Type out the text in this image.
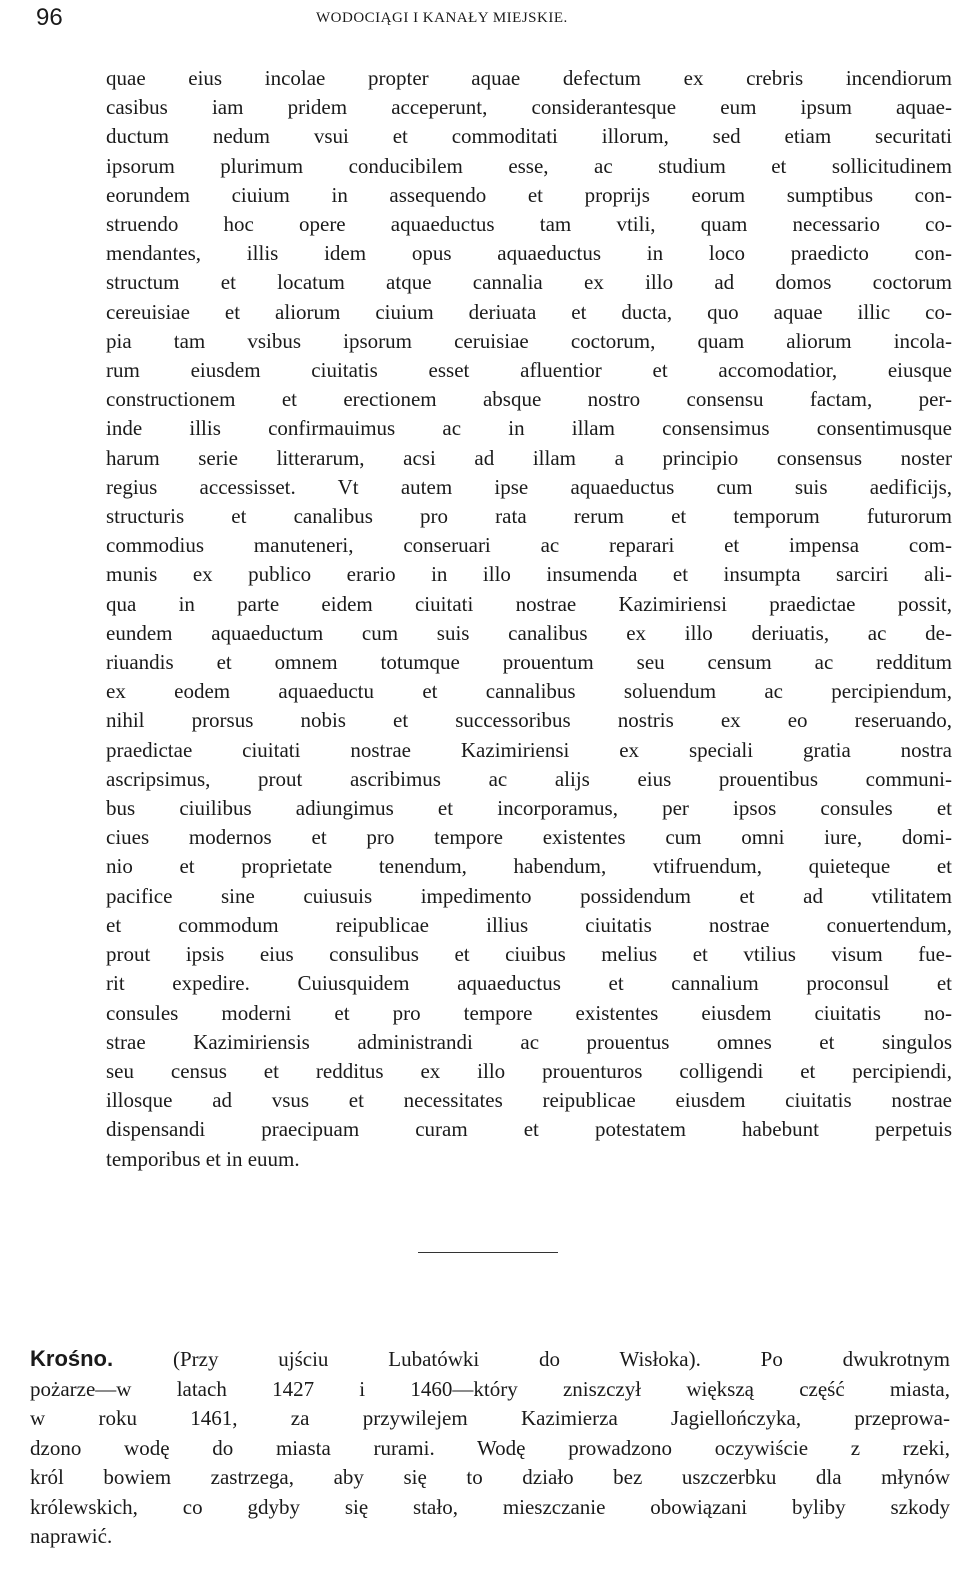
96	WODOCIĄGI I KANAŁY MIEJSKIE.
quae eius incolae propter aquae defectum ex crebris incendiorum
casibus iam pridem acceperunt, considerantesque eum ipsum aquae-
ductum nedum vsui et commoditati illorum, sed etiam securitati
ipsorum plurimum conducibilem esse, ac studium et sollicitudinem
eorundem ciuium in assequendo et proprijs eorum sumptibus con-
struendo hoc opere aquaeductus tam vtili, quam necessario co-
mendantes, illis idem opus aquaeductus in loco praedicto con-
structum et locatum atque cannalia ex illo ad domos coctorum
cereuisiae et aliorum ciuium deriuata et ducta, quo aquae illic co-
pia tam vsibus ipsorum ceruisiae coctorum, quam aliorum incola-
rum eiusdem ciuitatis esset afluentior et accomodatior, eiusque
constructionem et erectionem absque nostro consensu factam, per-
inde illis confirmauimus ac in illam consensimus consentimusque
harum serie litterarum, acsi ad illam a principio consensus noster
regius accessisset. Vt autem ipse aquaeductus cum suis aedificijs,
structuris et canalibus pro rata rerum et temporum futurorum
commodius manuteneri, conseruari ac reparari et impensa com-
munis ex publico erario in illo insumenda et insumpta sarciri ali-
qua in parte eidem ciuitati nostrae Kazimiriensi praedictae possit,
eundem aquaeductum cum suis canalibus ex illo deriuatis, ac de-
riuandis et omnem totumque prouentum seu censum ac redditum
ex eodem aquaeductu et cannalibus soluendum ac percipiendum,
nihil prorsus nobis et successoribus nostris ex eo reseruando,
praedictae ciuitati nostrae Kazimiriensi ex speciali gratia nostra
ascripsimus, prout ascribimus ac alijs eius prouentibus communi-
bus ciuilibus adiungimus et incorporamus, per ipsos consules et
ciues modernos et pro tempore existentes cum omni iure, domi-
nio et proprietate tenendum, habendum, vtifruendum, quieteque et
pacifice sine cuiusuis impedimento possidendum et ad vtilitatem
et commodum reipublicae illius ciuitatis nostrae conuertendum,
prout ipsis eius consulibus et ciuibus melius et vtilius visum fue-
rit expedire. Cuiusquidem aquaeductus et cannalium proconsul et
consules moderni et pro tempore existentes eiusdem ciuitatis no-
strae Kazimiriensis administrandi ac prouentus omnes et singulos
seu census et redditus ex illo prouenturos colligendi et percipiendi,
illosque ad vsus et necessitates reipublicae eiusdem ciuitatis nostrae
dispensandi praecipuam curam et potestatem habebunt perpetuis
temporibus et in euum.
Krośno.	(Przy ujściu Lubatówki do Wisłoka). Po dwukrotnym
pożarze—w latach 1427 i 1460—który zniszczył większą część miasta,
w roku 1461, za przywilejem Kazimierza Jagiellończyka, przeprowa-
dzono wodę do miasta rurami. Wodę prowadzono oczywiście z rzeki,
król bowiem zastrzega, aby się to działo bez uszczerbku dla młynów
królewskich, co gdyby się stało, mieszczanie obowiązani byliby szkody
naprawić.
